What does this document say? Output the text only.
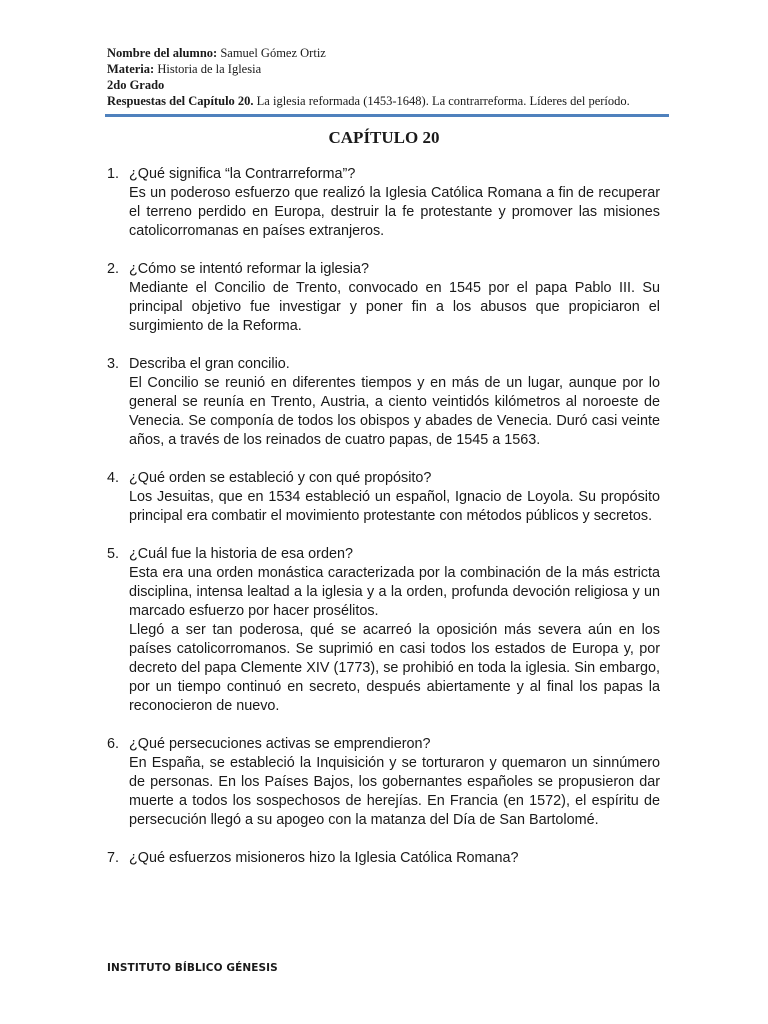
Nombre del alumno: Samuel Gómez Ortiz
Materia: Historia de la Iglesia
2do Grado
Respuestas del Capítulo 20. La iglesia reformada (1453-1648). La contrarreforma. Líderes del período.
CAPÍTULO 20
1. ¿Qué significa “la Contrarreforma”?
Es un poderoso esfuerzo que realizó la Iglesia Católica Romana a fin de recuperar el terreno perdido en Europa, destruir la fe protestante y promover las misiones catolicorromanas en países extranjeros.
2. ¿Cómo se intentó reformar la iglesia?
Mediante el Concilio de Trento, convocado en 1545 por el papa Pablo III. Su principal objetivo fue investigar y poner fin a los abusos que propiciaron el surgimiento de la Reforma.
3. Describa el gran concilio.
El Concilio se reunió en diferentes tiempos y en más de un lugar, aunque por lo general se reunía en Trento, Austria, a ciento veintidós kilómetros al noroeste de Venecia. Se componía de todos los obispos y abades de Venecia. Duró casi veinte años, a través de los reinados de cuatro papas, de 1545 a 1563.
4. ¿Qué orden se estableció y con qué propósito?
Los Jesuitas, que en 1534 estableció un español, Ignacio de Loyola. Su propósito principal era combatir el movimiento protestante con métodos públicos y secretos.
5. ¿Cuál fue la historia de esa orden?
Esta era una orden monástica caracterizada por la combinación de la más estricta disciplina, intensa lealtad a la iglesia y a la orden, profunda devoción religiosa y un marcado esfuerzo por hacer prosélitos.
Llegó a ser tan poderosa, qué se acarreó la oposición más severa aún en los países catolicorromanos. Se suprimió en casi todos los estados de Europa y, por decreto del papa Clemente XIV (1773), se prohibió en toda la iglesia. Sin embargo, por un tiempo continuó en secreto, después abiertamente y al final los papas la reconocieron de nuevo.
6. ¿Qué persecuciones activas se emprendieron?
En España, se estableció la Inquisición y se torturaron y quemaron un sinnúmero de personas. En los Países Bajos, los gobernantes españoles se propusieron dar muerte a todos los sospechosos de herejías. En Francia (en 1572), el espíritu de persecución llegó a su apogeo con la matanza del Día de San Bartolomé.
7. ¿Qué esfuerzos misioneros hizo la Iglesia Católica Romana?
INSTITUTO BÍBLICO GÉNESIS
